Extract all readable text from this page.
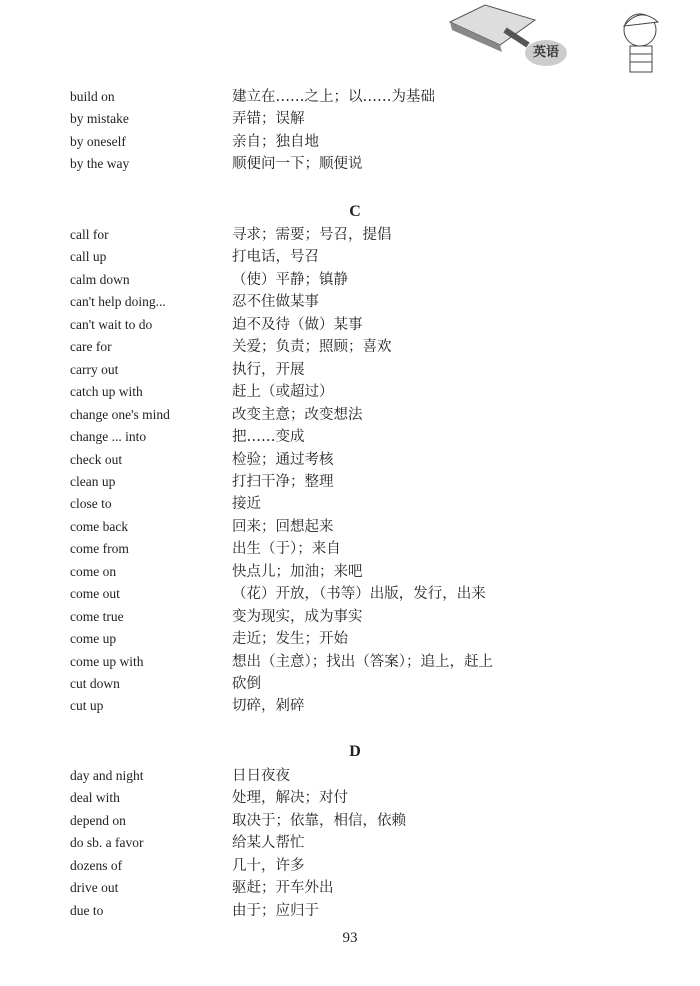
英语
build on	建立在……之上；以……为基础
by mistake	弄错；误解
by oneself	亲自；独自地
by the way	顺便问一下；顺便说
C
call for	寻求；需要；号召，提倡
call up	打电话，号召
calm down	（使）平静；镇静
can't help doing...	忍不住做某事
can't wait to do	迫不及待（做）某事
care for	关爱；负责；照顾；喜欢
carry out	执行，开展
catch up with	赶上（或超过）
change one's mind	改变主意；改变想法
change ... into	把……变成
check out	检验；通过考核
clean up	打扫干净；整理
close to	接近
come back	回来；回想起来
come from	出生（于）；来自
come on	快点儿；加油；来吧
come out	（花）开放，（书等）出版，发行，出来
come true	变为现实，成为事实
come up	走近；发生；开始
come up with	想出（主意）；找出（答案）；追上，赶上
cut down	砍倒
cut up	切碎，剁碎
D
day and night	日日夜夜
deal with	处理，解决；对付
depend on	取决于；依靠，相信，依赖
do sb. a favor	给某人帮忙
dozens of	几十，许多
drive out	驱赶；开车外出
due to	由于；应归于
93
